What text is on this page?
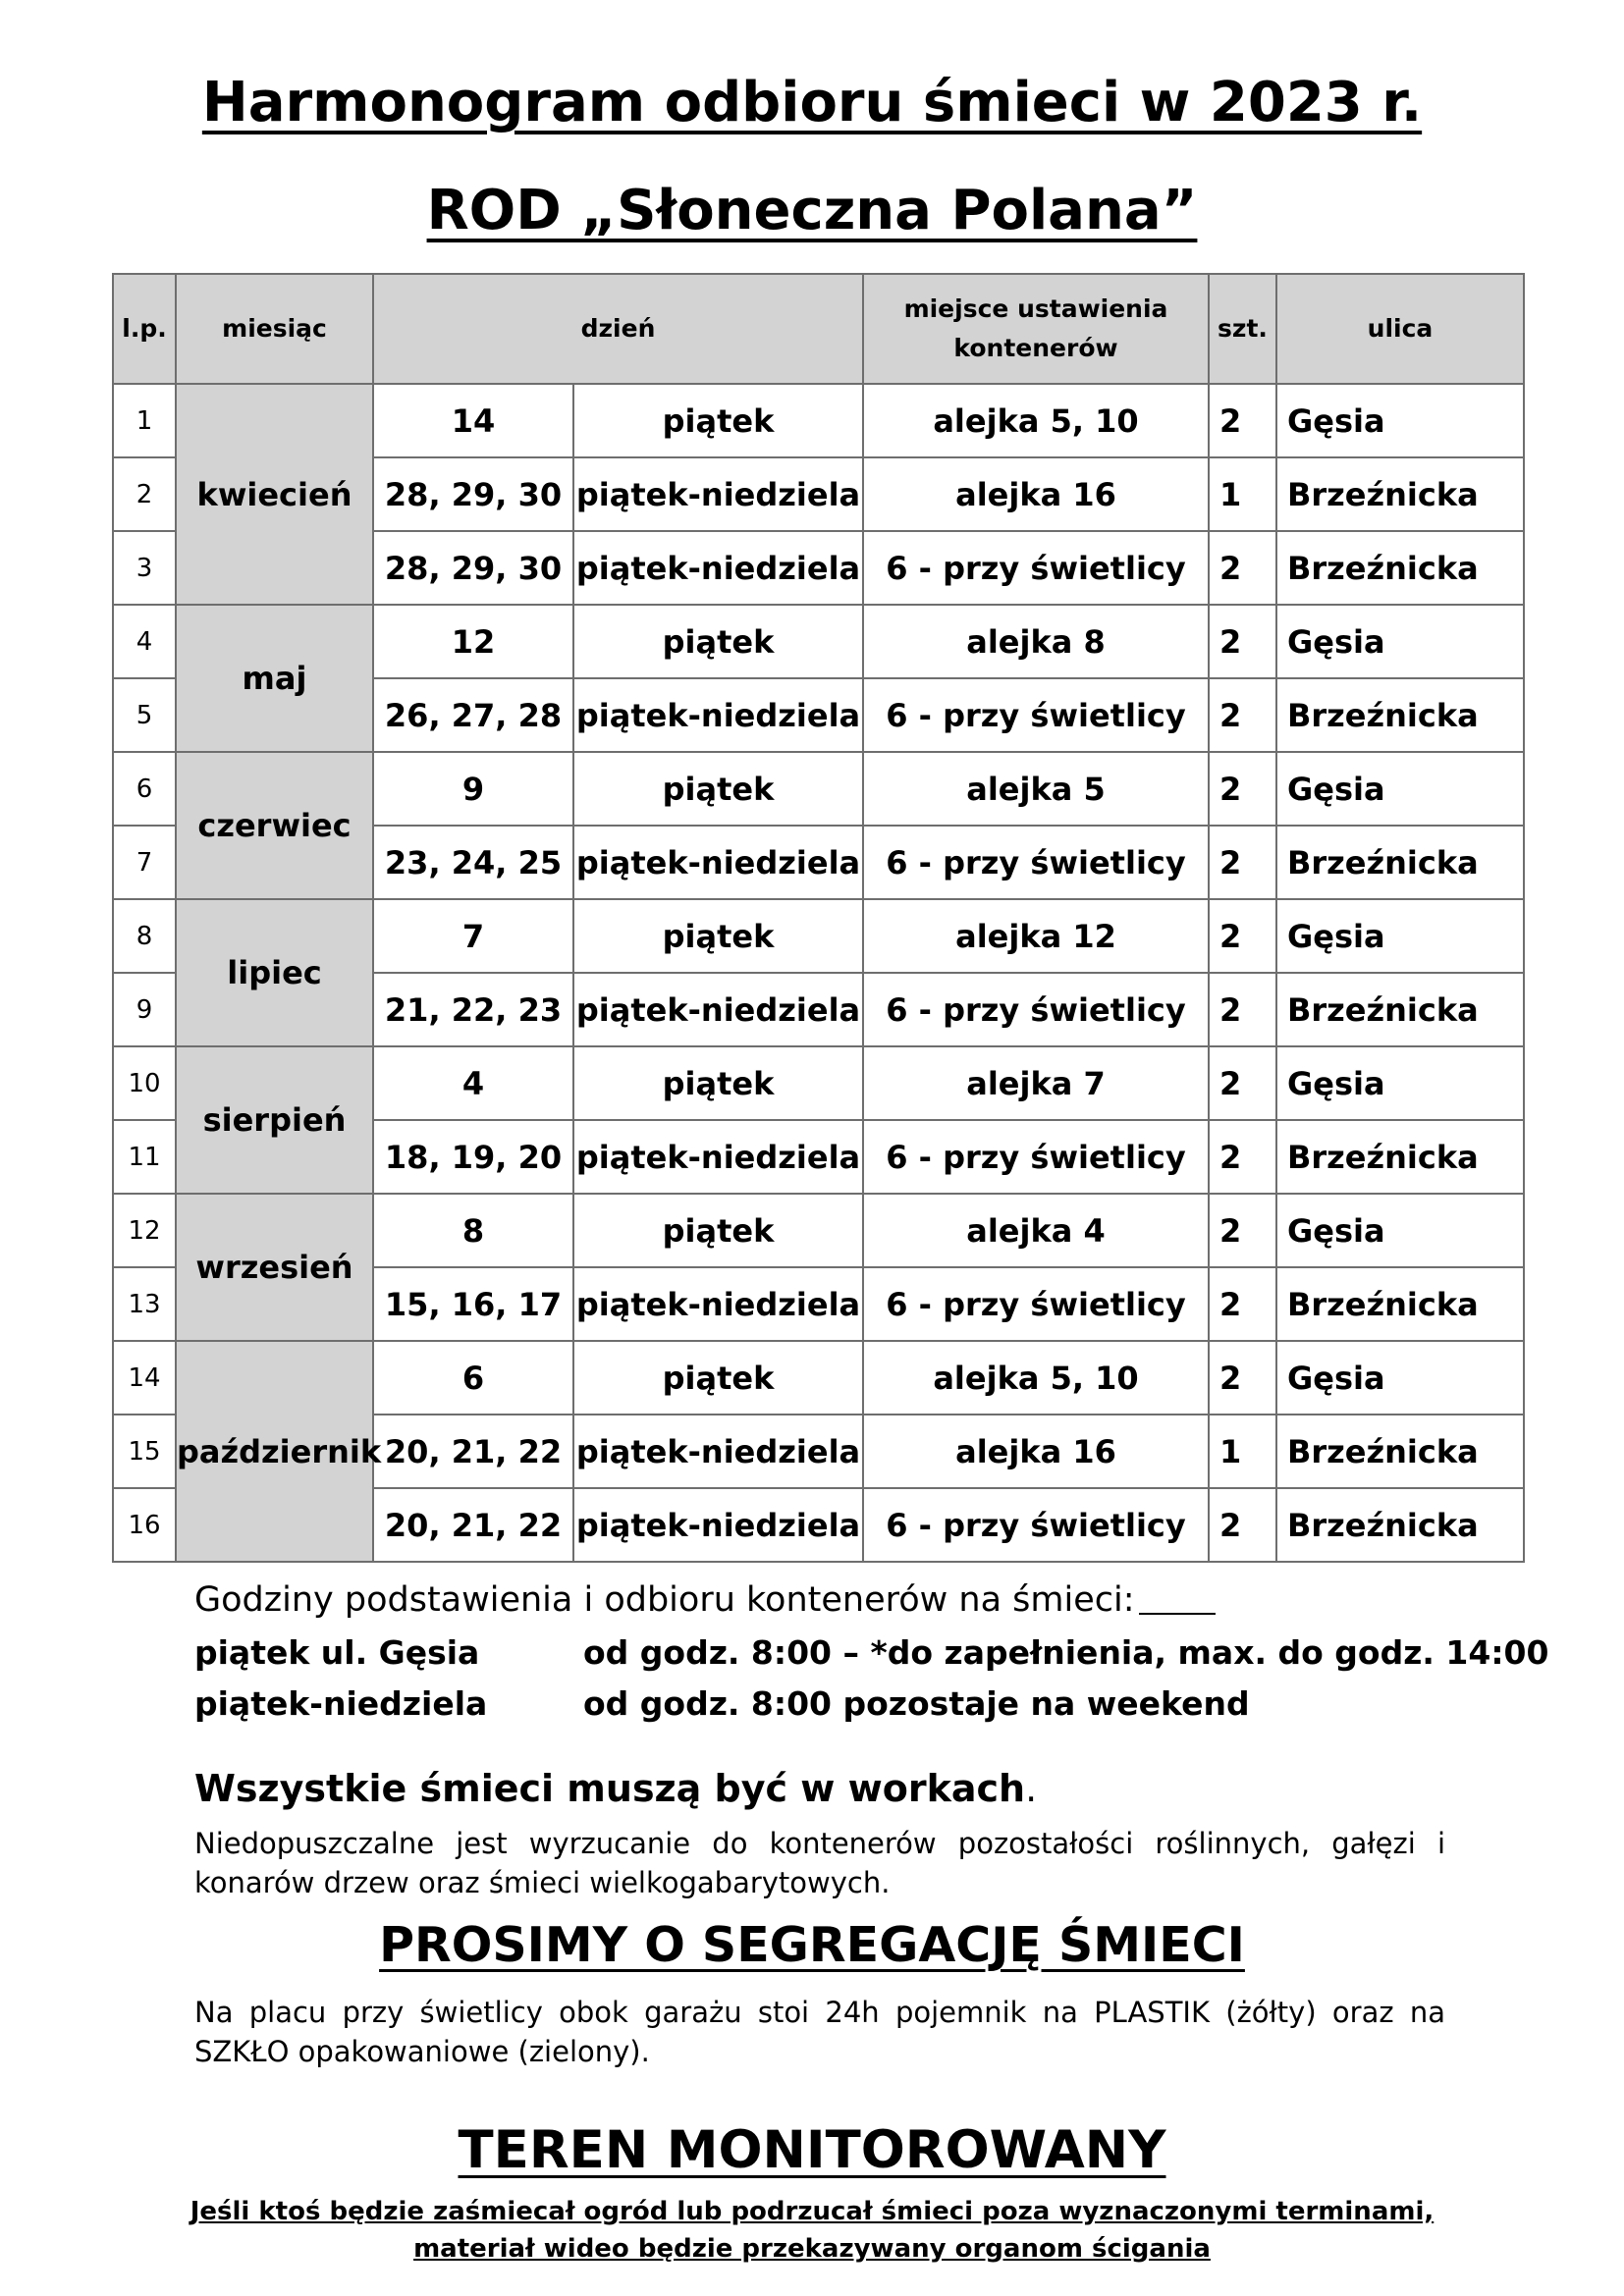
Harmonogram odbioru śmieci w 2023 r.
ROD „Słoneczna Polana”
l.p.	miesiąc	dzień		miejsce ustawienia
kontenerów	szt.	ulica
1	kwiecień	14	piątek	alejka 5, 10	2	Gęsia
2		28, 29, 30	piątek-niedziela	alejka 16	1	Brzeźnicka
3		28, 29, 30	piątek-niedziela	6 - przy świetlicy	2	Brzeźnicka
4	maj	12	piątek	alejka 8	2	Gęsia
5		26, 27, 28	piątek-niedziela	6 - przy świetlicy	2	Brzeźnicka
6	czerwiec	9	piątek	alejka 5	2	Gęsia
7		23, 24, 25	piątek-niedziela	6 - przy świetlicy	2	Brzeźnicka
8	lipiec	7	piątek	alejka 12	2	Gęsia
9		21, 22, 23	piątek-niedziela	6 - przy świetlicy	2	Brzeźnicka
10	sierpień	4	piątek	alejka 7	2	Gęsia
11		18, 19, 20	piątek-niedziela	6 - przy świetlicy	2	Brzeźnicka
12	wrzesień	8	piątek	alejka 4	2	Gęsia
13		15, 16, 17	piątek-niedziela	6 - przy świetlicy	2	Brzeźnicka
14	październik	6	piątek	alejka 5, 10	2	Gęsia
15		20, 21, 22	piątek-niedziela	alejka 16	1	Brzeźnicka
16		20, 21, 22	piątek-niedziela	6 - przy świetlicy	2	Brzeźnicka
Godziny podstawienia i odbioru kontenerów na śmieci:
piątek ul. Gęsia	od godz. 8:00 – *do zapełnienia, max. do godz. 14:00
piątek-niedziela	od godz. 8:00 pozostaje na weekend
Wszystkie śmieci muszą być w workach.
Niedopuszczalne jest wyrzucanie do kontenerów pozostałości roślinnych, gałęzi i konarów drzew oraz śmieci wielkogabarytowych.
PROSIMY O SEGREGACJĘ ŚMIECI
Na placu przy świetlicy obok garażu stoi 24h pojemnik na PLASTIK (żółty) oraz na SZKŁO opakowaniowe (zielony).
TEREN MONITOROWANY
Jeśli ktoś będzie zaśmiecał ogród lub podrzucał śmieci poza wyznaczonymi terminami,
materiał wideo będzie przekazywany organom ścigania
